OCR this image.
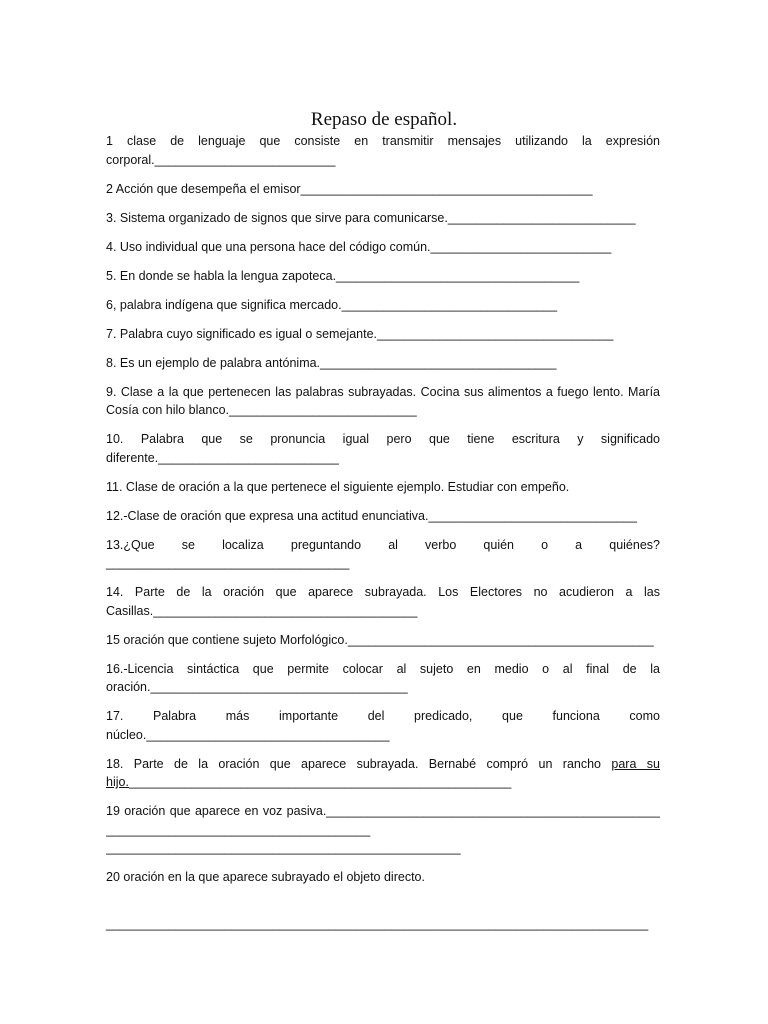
Repaso de español.

1 clase de lenguaje que consiste en transmitir mensajes utilizando la expresión corporal.__________________________

2 Acción que desempeña el emisor__________________________________________

3. Sistema organizado de signos que sirve para comunicarse.___________________________

4. Uso individual que una persona hace del código común.__________________________

5. En donde se habla la lengua zapoteca.___________________________________

6, palabra indígena que significa mercado._______________________________

7. Palabra cuyo significado es igual o semejante.__________________________________

8. Es un ejemplo de palabra antónima.__________________________________

9. Clase a la que pertenecen las palabras subrayadas. Cocina sus alimentos a fuego lento. María Cosía con hilo blanco.___________________________

10. Palabra que se pronuncia igual pero que tiene escritura y significado diferente.__________________________

11. Clase de oración a la que pertenece el siguiente ejemplo. Estudiar con empeño.

12.-Clase de oración que expresa una actitud enunciativa.______________________________

13.¿Que se localiza preguntando al verbo quién o a quiénes? ___________________________________

14. Parte de la oración que aparece subrayada. Los Electores no acudieron a las Casillas.______________________________________

15 oración que contiene sujeto Morfológico.____________________________________________

16.-Licencia sintáctica que permite colocar al sujeto en medio o al final de la oración._____________________________________

17. Palabra más importante del predicado, que funciona como núcleo.___________________________________

18. Parte de la oración que aparece subrayada. Bernabé compró un rancho para su hijo._______________________________________________________

19 oración que aparece en voz pasiva.______________________________________________________________________________________
___________________________________________________

20 oración en la que aparece subrayado el objeto directo.

______________________________________________________________________________
